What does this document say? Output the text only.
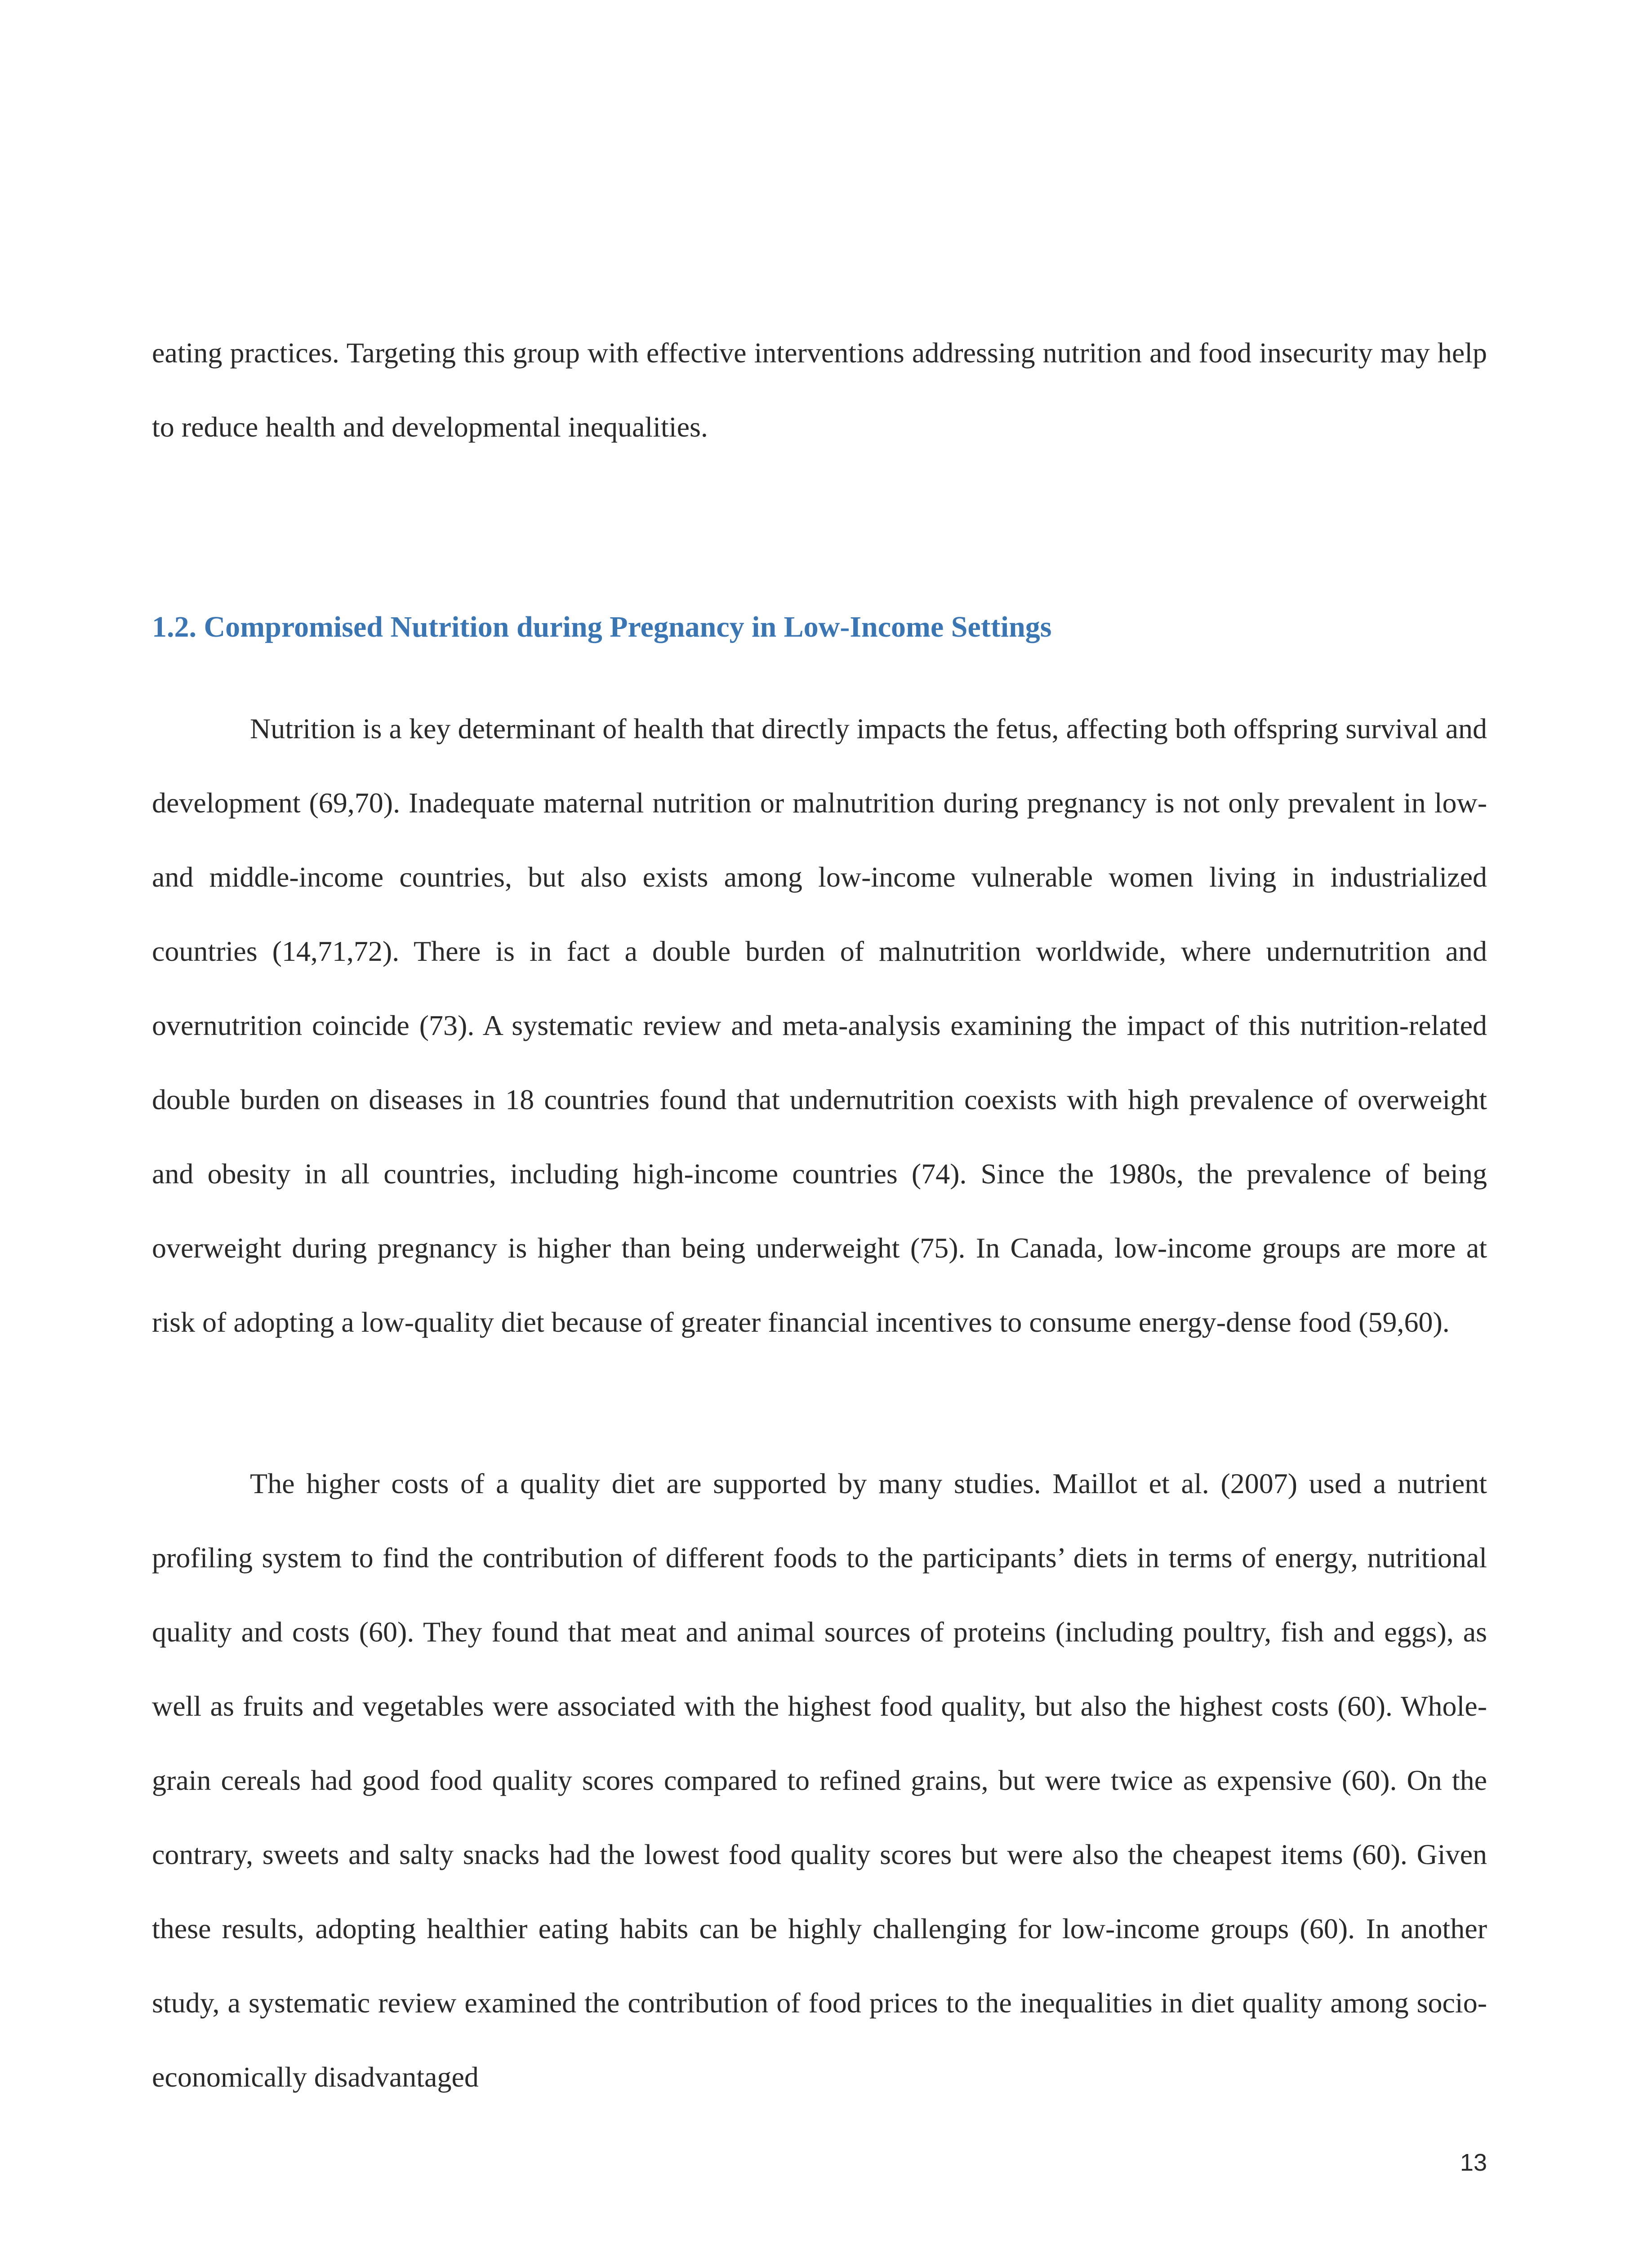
eating practices. Targeting this group with effective interventions addressing nutrition and food insecurity may help to reduce health and developmental inequalities.

1.2. Compromised Nutrition during Pregnancy in Low-Income Settings

Nutrition is a key determinant of health that directly impacts the fetus, affecting both offspring survival and development (69,70). Inadequate maternal nutrition or malnutrition during pregnancy is not only prevalent in low- and middle-income countries, but also exists among low-income vulnerable women living in industrialized countries (14,71,72). There is in fact a double burden of malnutrition worldwide, where undernutrition and overnutrition coincide (73). A systematic review and meta-analysis examining the impact of this nutrition-related double burden on diseases in 18 countries found that undernutrition coexists with high prevalence of overweight and obesity in all countries, including high-income countries (74). Since the 1980s, the prevalence of being overweight during pregnancy is higher than being underweight (75). In Canada, low-income groups are more at risk of adopting a low-quality diet because of greater financial incentives to consume energy-dense food (59,60).

The higher costs of a quality diet are supported by many studies. Maillot et al. (2007) used a nutrient profiling system to find the contribution of different foods to the participants’ diets in terms of energy, nutritional quality and costs (60). They found that meat and animal sources of proteins (including poultry, fish and eggs), as well as fruits and vegetables were associated with the highest food quality, but also the highest costs (60). Whole-grain cereals had good food quality scores compared to refined grains, but were twice as expensive (60). On the contrary, sweets and salty snacks had the lowest food quality scores but were also the cheapest items (60). Given these results, adopting healthier eating habits can be highly challenging for low-income groups (60). In another study, a systematic review examined the contribution of food prices to the inequalities in diet quality among socio-economically disadvantaged

13
